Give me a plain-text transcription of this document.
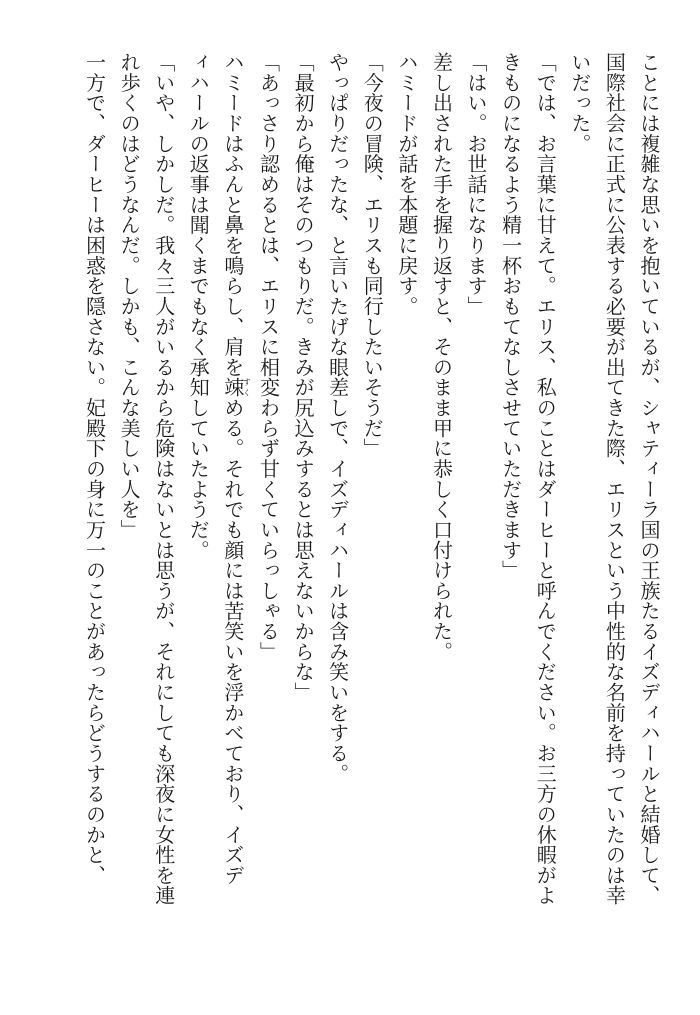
ことには複雑な思いを抱いているが、シャティーラ国の王族たるイズディハールと結婚して、
国際社会に正式に公表する必要が出てきた際、エリスという中性的な名前を持っていたのは幸
いだった。
「では、お言葉に甘えて。エリス、私のことはダーヒーと呼んでください。お三方の休暇がよ
きものになるよう精一杯おもてなしさせていただきます」
「はい。お世話になります」
差し出された手を握り返すと、そのまま甲に恭しく口付けられた。
ハミードが話を本題に戻す。
「今夜の冒険、エリスも同行したいそうだ」
やっぱりだったな、と言いたげな眼差しで、イズディハールは含み笑いをする。
「最初から俺はそのつもりだ。きみが尻込みするとは思えないからな」
「あっさり認めるとは、エリスに相変わらず甘くていらっしゃる」
ハミードはふんと鼻を鳴らし、肩を竦すくめる。それでも顔には苦笑いを浮かべており、イズデ
ィハールの返事は聞くまでもなく承知していたようだ。
「いや、しかしだ。我々三人がいるから危険はないとは思うが、それにしても深夜に女性を連
れ歩くのはどうなんだ。しかも、こんな美しい人を」
一方で、ダーヒーは困惑を隠さない。妃殿下の身に万一のことがあったらどうするのかと、
